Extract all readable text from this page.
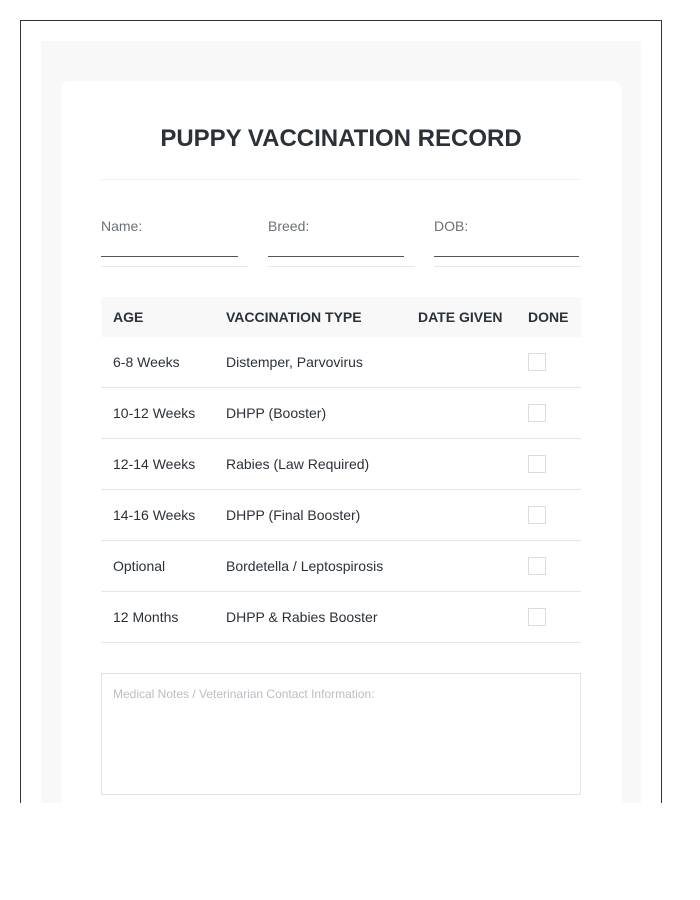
PUPPY VACCINATION RECORD
Name:	Breed:	DOB:
AGE	VACCINATION TYPE	DATE GIVEN	DONE
6-8 Weeks	Distemper, Parvovirus		
10-12 Weeks	DHPP (Booster)		
12-14 Weeks	Rabies (Law Required)		
14-16 Weeks	DHPP (Final Booster)		
Optional	Bordetella / Leptospirosis		
12 Months	DHPP & Rabies Booster		
Medical Notes / Veterinarian Contact Information:
